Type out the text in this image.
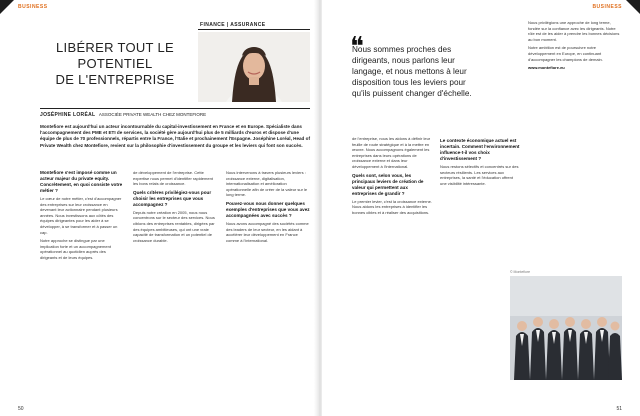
BUSINESS
LIBÉRER TOUT LE POTENTIEL
DE L'ENTREPRISE
FINANCE | ASSURANCE
JOSÉPHINE LORÉAL ASSOCIÉE PRIVATE WEALTH CHEZ MONTEFIORE
Montefiore est aujourd'hui un acteur incontournable du capital-investissement en France et en Europe. Spécialiste dans l'accompagnement des PME et ETI de services, la société gère aujourd'hui plus de 5 milliards d'euros et dispose d'une équipe de plus de 70 professionnels, répartis entre la France, l'Italie et prochainement l'Espagne. Joséphine Loréal, Head of Private Wealth chez Montefiore, revient sur la philosophie d'investissement du groupe et les leviers qui font son succès.
Montefiore s'est imposé comme un acteur majeur du private equity. Concrètement, en quoi consiste votre métier ?

Le cœur de notre métier, c'est d'accompagner des entreprises sur leur croissance en devenant leur actionnaire pendant plusieurs années. Nous investissons aux côtés des équipes dirigeantes pour les aider à se développer, à se transformer et à passer un cap.

Notre approche se distingue par une implication forte et un accompagnement opérationnel au quotidien auprès des dirigeants et de leurs équipes.

de développement de l'entreprise. Cette expertise nous permet d'identifier rapidement les bons relais de croissance.

Quels critères privilégiez-vous pour choisir les entreprises que vous accompagnez ?

Depuis notre création en 2005, nous nous concentrons sur le secteur des services. Nous ciblons des entreprises rentables, dirigées par des équipes ambitieuses, qui ont une vraie capacité de transformation et un potentiel de croissance durable.

Nous intervenons à travers plusieurs leviers : croissance externe, digitalisation, internationalisation et amélioration opérationnelle afin de créer de la valeur sur le long terme.

Pouvez-vous nous donner quelques exemples d'entreprises que vous avez accompagnées avec succès ?

Nous avons accompagné des sociétés comme des leaders de leur secteur, en les aidant à accélérer leur développement en France comme à l'international.

50
BUSINESS
❝
Nous sommes proches des dirigeants, nous parlons leur langage, et nous mettons à leur disposition tous les leviers pour qu'ils puissent changer d'échelle.

de l'entreprise, nous les aidons à définir leur feuille de route stratégique et à la mettre en œuvre. Nous accompagnons également les entreprises dans leurs opérations de croissance externe et dans leur développement à l'international.

Quels sont, selon vous, les principaux leviers de création de valeur qui permettent aux entreprises de grandir ?

Le premier levier, c'est la croissance externe. Nous aidons les entreprises à identifier les bonnes cibles et à réaliser des acquisitions.

Le contexte économique actuel est incertain. Comment l'environnement influence-t-il vos choix d'investissement ?

Nous restons sélectifs et concentrés sur des secteurs résilients. Les services aux entreprises, la santé et l'éducation offrent une visibilité intéressante.

Nous privilégions une approche de long terme, fondée sur la confiance avec les dirigeants. Notre rôle est de les aider à prendre les bonnes décisions au bon moment.

Notre ambition est de poursuivre notre développement en Europe, en continuant d'accompagner les champions de demain.

www.montefiore.eu

© Montefiore
51
